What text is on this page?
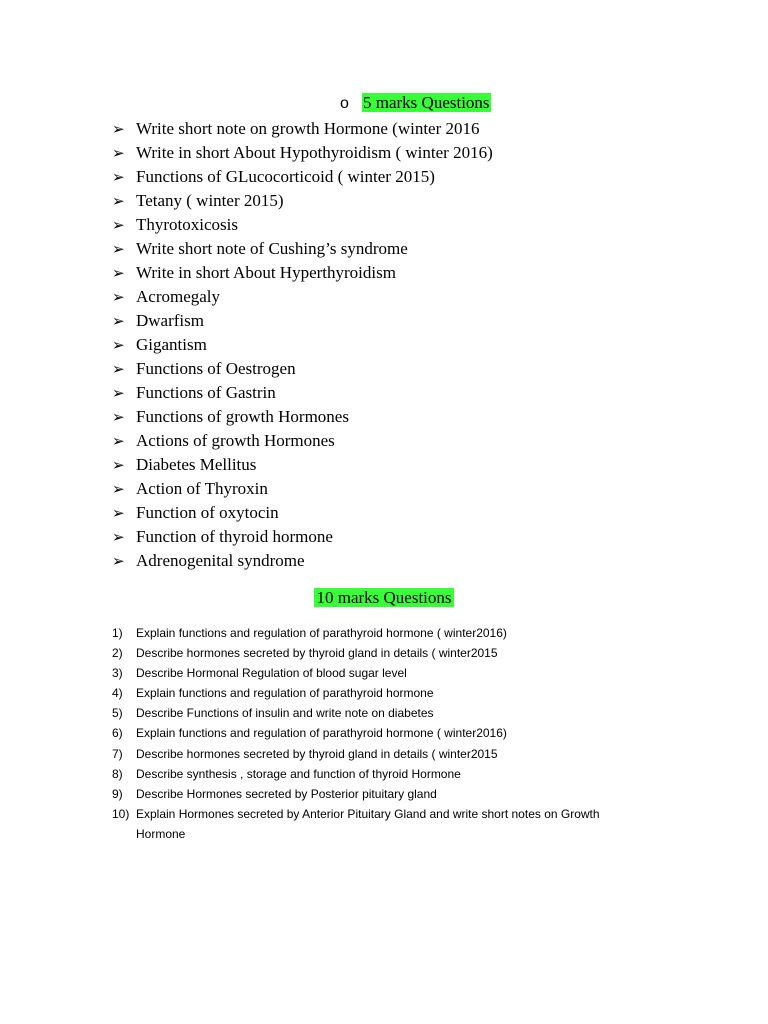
o 5 marks Questions
➢ Write short note on growth Hormone (winter 2016
➢ Write in short About Hypothyroidism ( winter 2016)
➢ Functions of GLucocorticoid ( winter 2015)
➢ Tetany ( winter 2015)
➢ Thyrotoxicosis
➢ Write short note of Cushing’s syndrome
➢ Write in short About Hyperthyroidism
➢ Acromegaly
➢ Dwarfism
➢ Gigantism
➢ Functions of Oestrogen
➢ Functions of Gastrin
➢ Functions of growth Hormones
➢ Actions of growth Hormones
➢ Diabetes Mellitus
➢ Action of Thyroxin
➢ Function of oxytocin
➢ Function of thyroid hormone
➢ Adrenogenital syndrome
10 marks Questions
1)	Explain functions and regulation of parathyroid hormone ( winter2016)
2)	Describe hormones secreted by thyroid gland in details ( winter2015
3)	Describe Hormonal Regulation of blood sugar level
4)	Explain functions and regulation of parathyroid hormone
5)	Describe Functions of insulin and write note on diabetes
6)	Explain functions and regulation of parathyroid hormone ( winter2016)
7)	Describe hormones secreted by thyroid gland in details ( winter2015
8)	Describe synthesis , storage and function of thyroid Hormone
9)	Describe Hormones secreted by Posterior pituitary gland
10) Explain Hormones secreted by Anterior Pituitary Gland and write short notes on Growth Hormone
